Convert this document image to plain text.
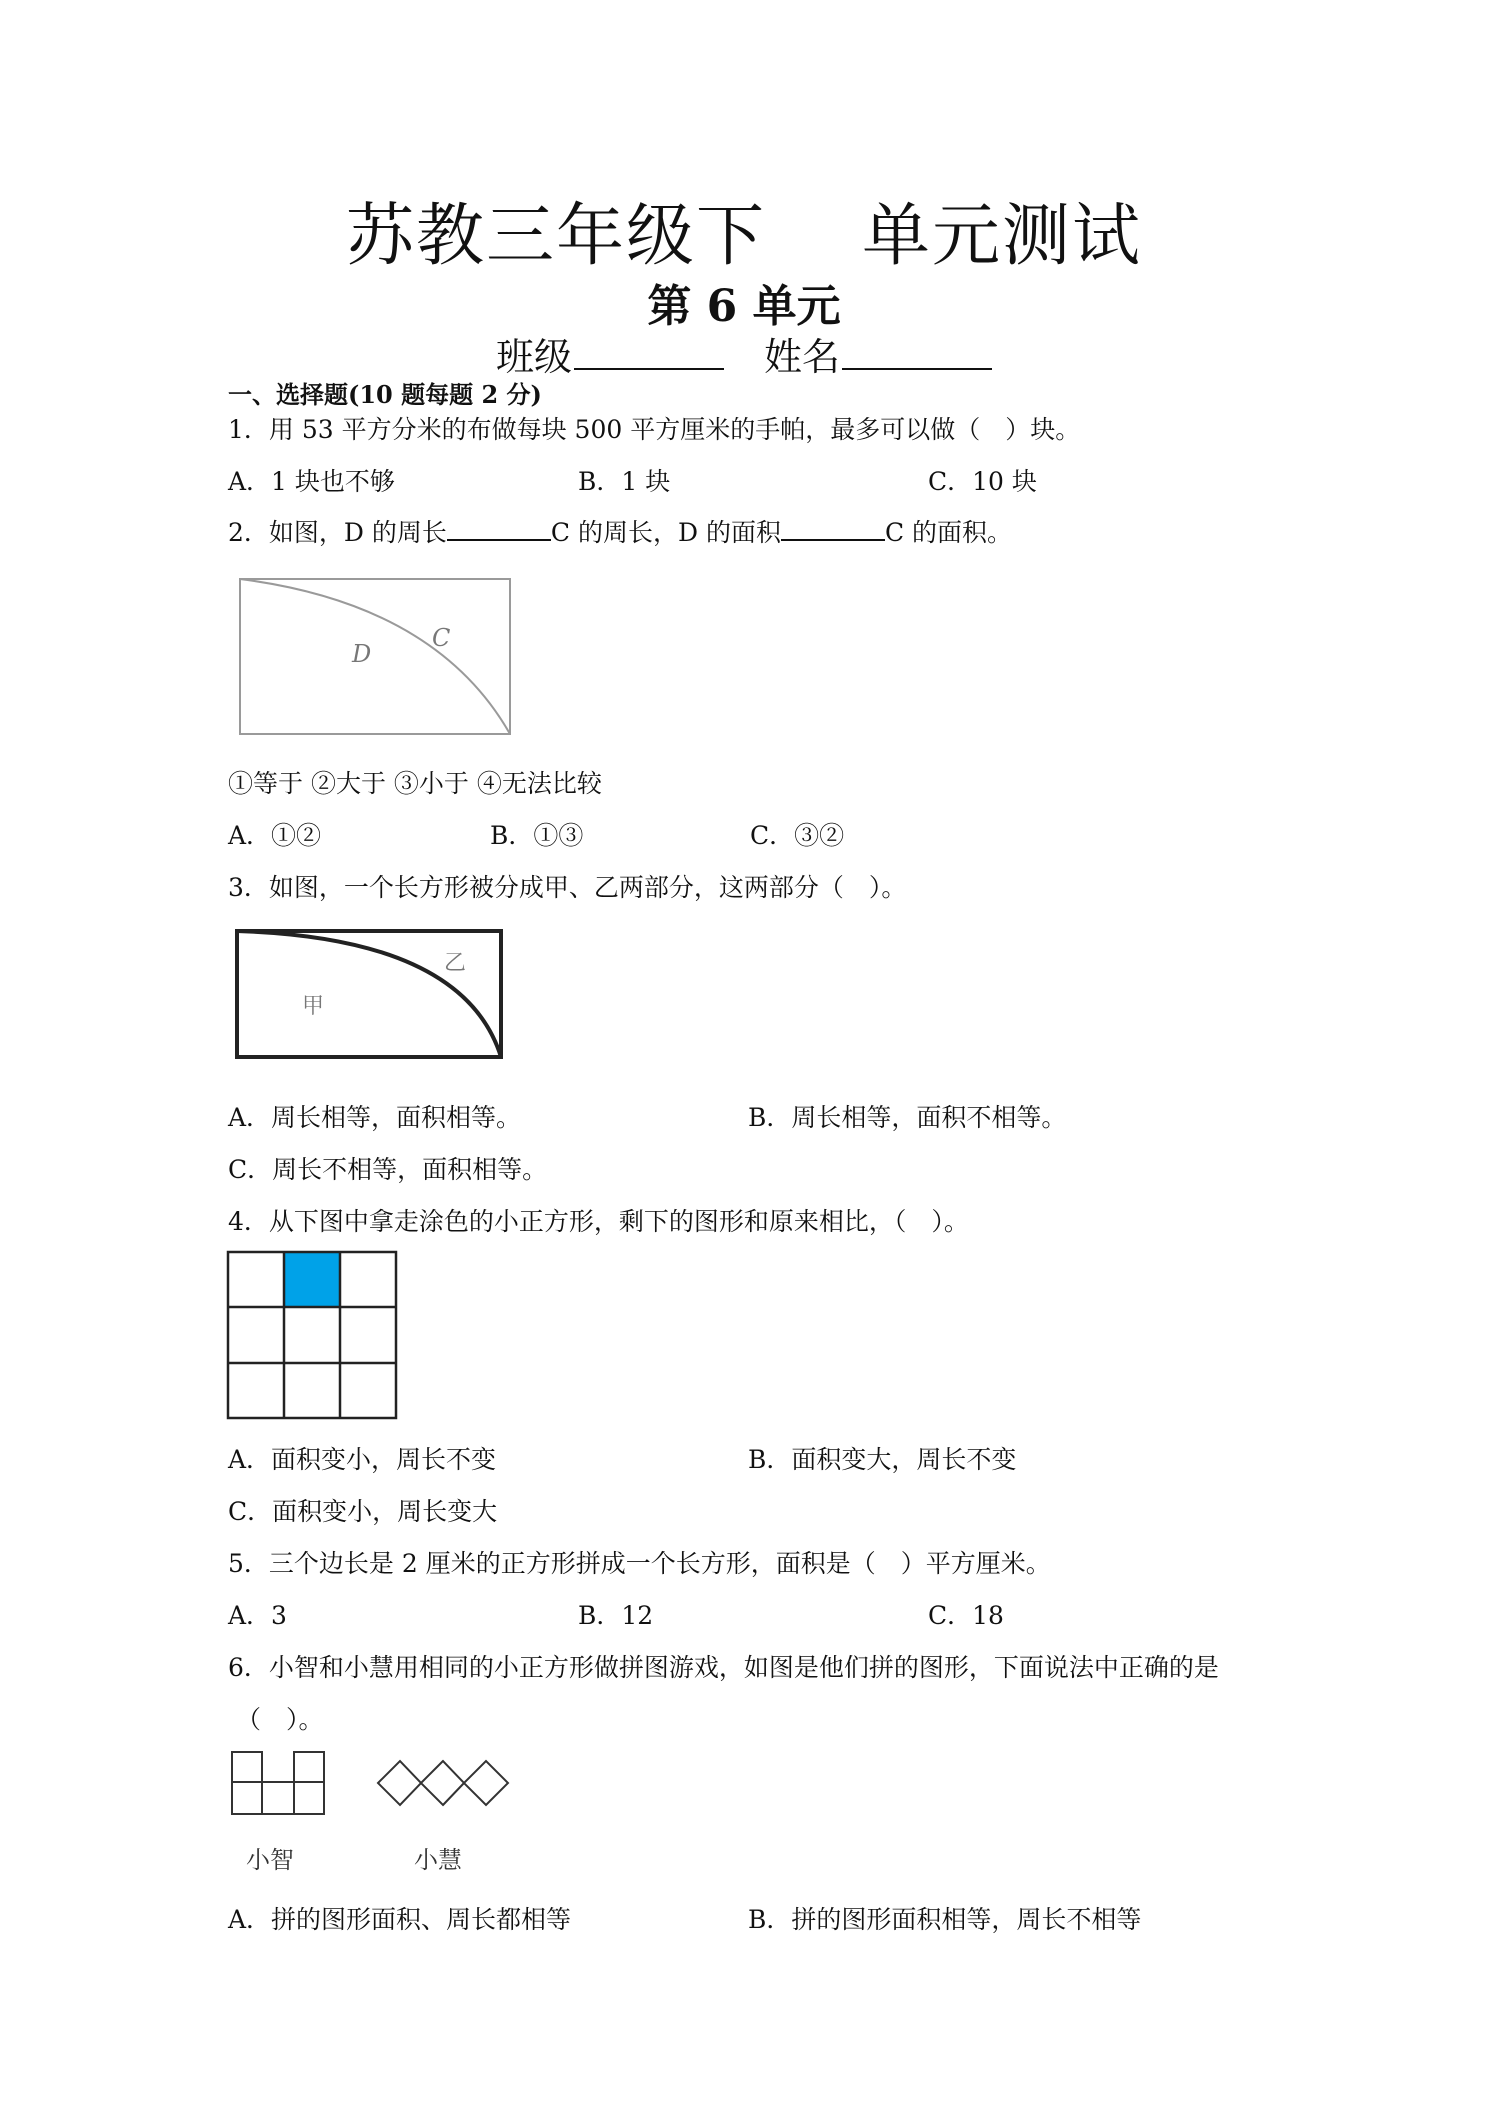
苏教三年级下 单元测试
第 6 单元
班级	姓名
一、选择题(10 题每题 2 分)
1．用 53 平方分米的布做每块 500 平方厘米的手帕，最多可以做（　）块。
A．1 块也不够	B．1 块	C．10 块
2．如图，D 的周长	C 的周长，D 的面积	C 的面积。
D
C
①等于 ②大于 ③小于 ④无法比较
A．①②	B．①③	C．③②
3．如图，一个长方形被分成甲、乙两部分，这两部分（　）。
甲
乙
A．周长相等，面积相等。	B．周长相等，面积不相等。
C．周长不相等，面积相等。
4．从下图中拿走涂色的小正方形，剩下的图形和原来相比，（　）。
A．面积变小，周长不变	B．面积变大，周长不变
C．面积变小，周长变大
5．三个边长是 2 厘米的正方形拼成一个长方形，面积是（　）平方厘米。
A．3	B．12	C．18
6．小智和小慧用相同的小正方形做拼图游戏，如图是他们拼的图形，下面说法中正确的是
（　）。
小智	小慧
A．拼的图形面积、周长都相等	B．拼的图形面积相等，周长不相等
